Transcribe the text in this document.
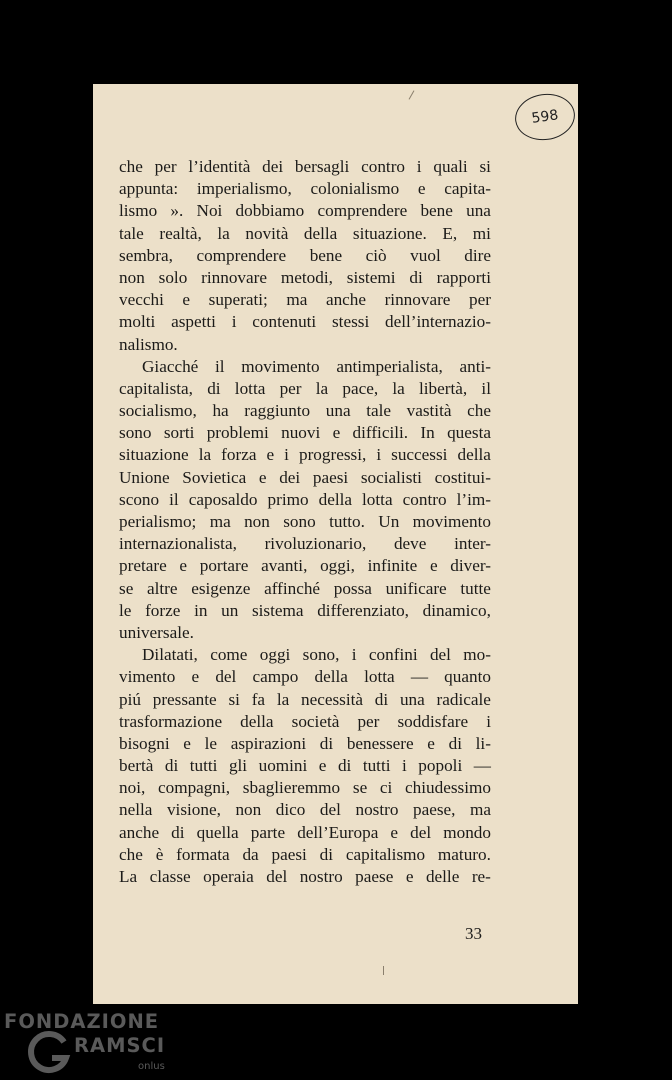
598
che per l’identità dei bersagli contro i quali si
appunta: imperialismo, colonialismo e capita-
lismo ». Noi dobbiamo comprendere bene una
tale realtà, la novità della situazione. E, mi
sembra, comprendere bene ciò vuol dire
non solo rinnovare metodi, sistemi di rapporti
vecchi e superati; ma anche rinnovare per
molti aspetti i contenuti stessi dell’internazio-
nalismo.
Giacché il movimento antimperialista, anti-
capitalista, di lotta per la pace, la libertà, il
socialismo, ha raggiunto una tale vastità che
sono sorti problemi nuovi e difficili. In questa
situazione la forza e i progressi, i successi della
Unione Sovietica e dei paesi socialisti costitui-
scono il caposaldo primo della lotta contro l’im-
perialismo; ma non sono tutto. Un movimento
internazionalista, rivoluzionario, deve inter-
pretare e portare avanti, oggi, infinite e diver-
se altre esigenze affinché possa unificare tutte
le forze in un sistema differenziato, dinamico,
universale.
Dilatati, come oggi sono, i confini del mo-
vimento e del campo della lotta — quanto
piú pressante si fa la necessità di una radicale
trasformazione della società per soddisfare i
bisogni e le aspirazioni di benessere e di li-
bertà di tutti gli uomini e di tutti i popoli —
noi, compagni, sbaglieremmo se ci chiudessimo
nella visione, non dico del nostro paese, ma
anche di quella parte dell’Europa e del mondo
che è formata da paesi di capitalismo maturo.
La classe operaia del nostro paese e delle re-
33
FONDAZIONE
RAMSCI
onlus
